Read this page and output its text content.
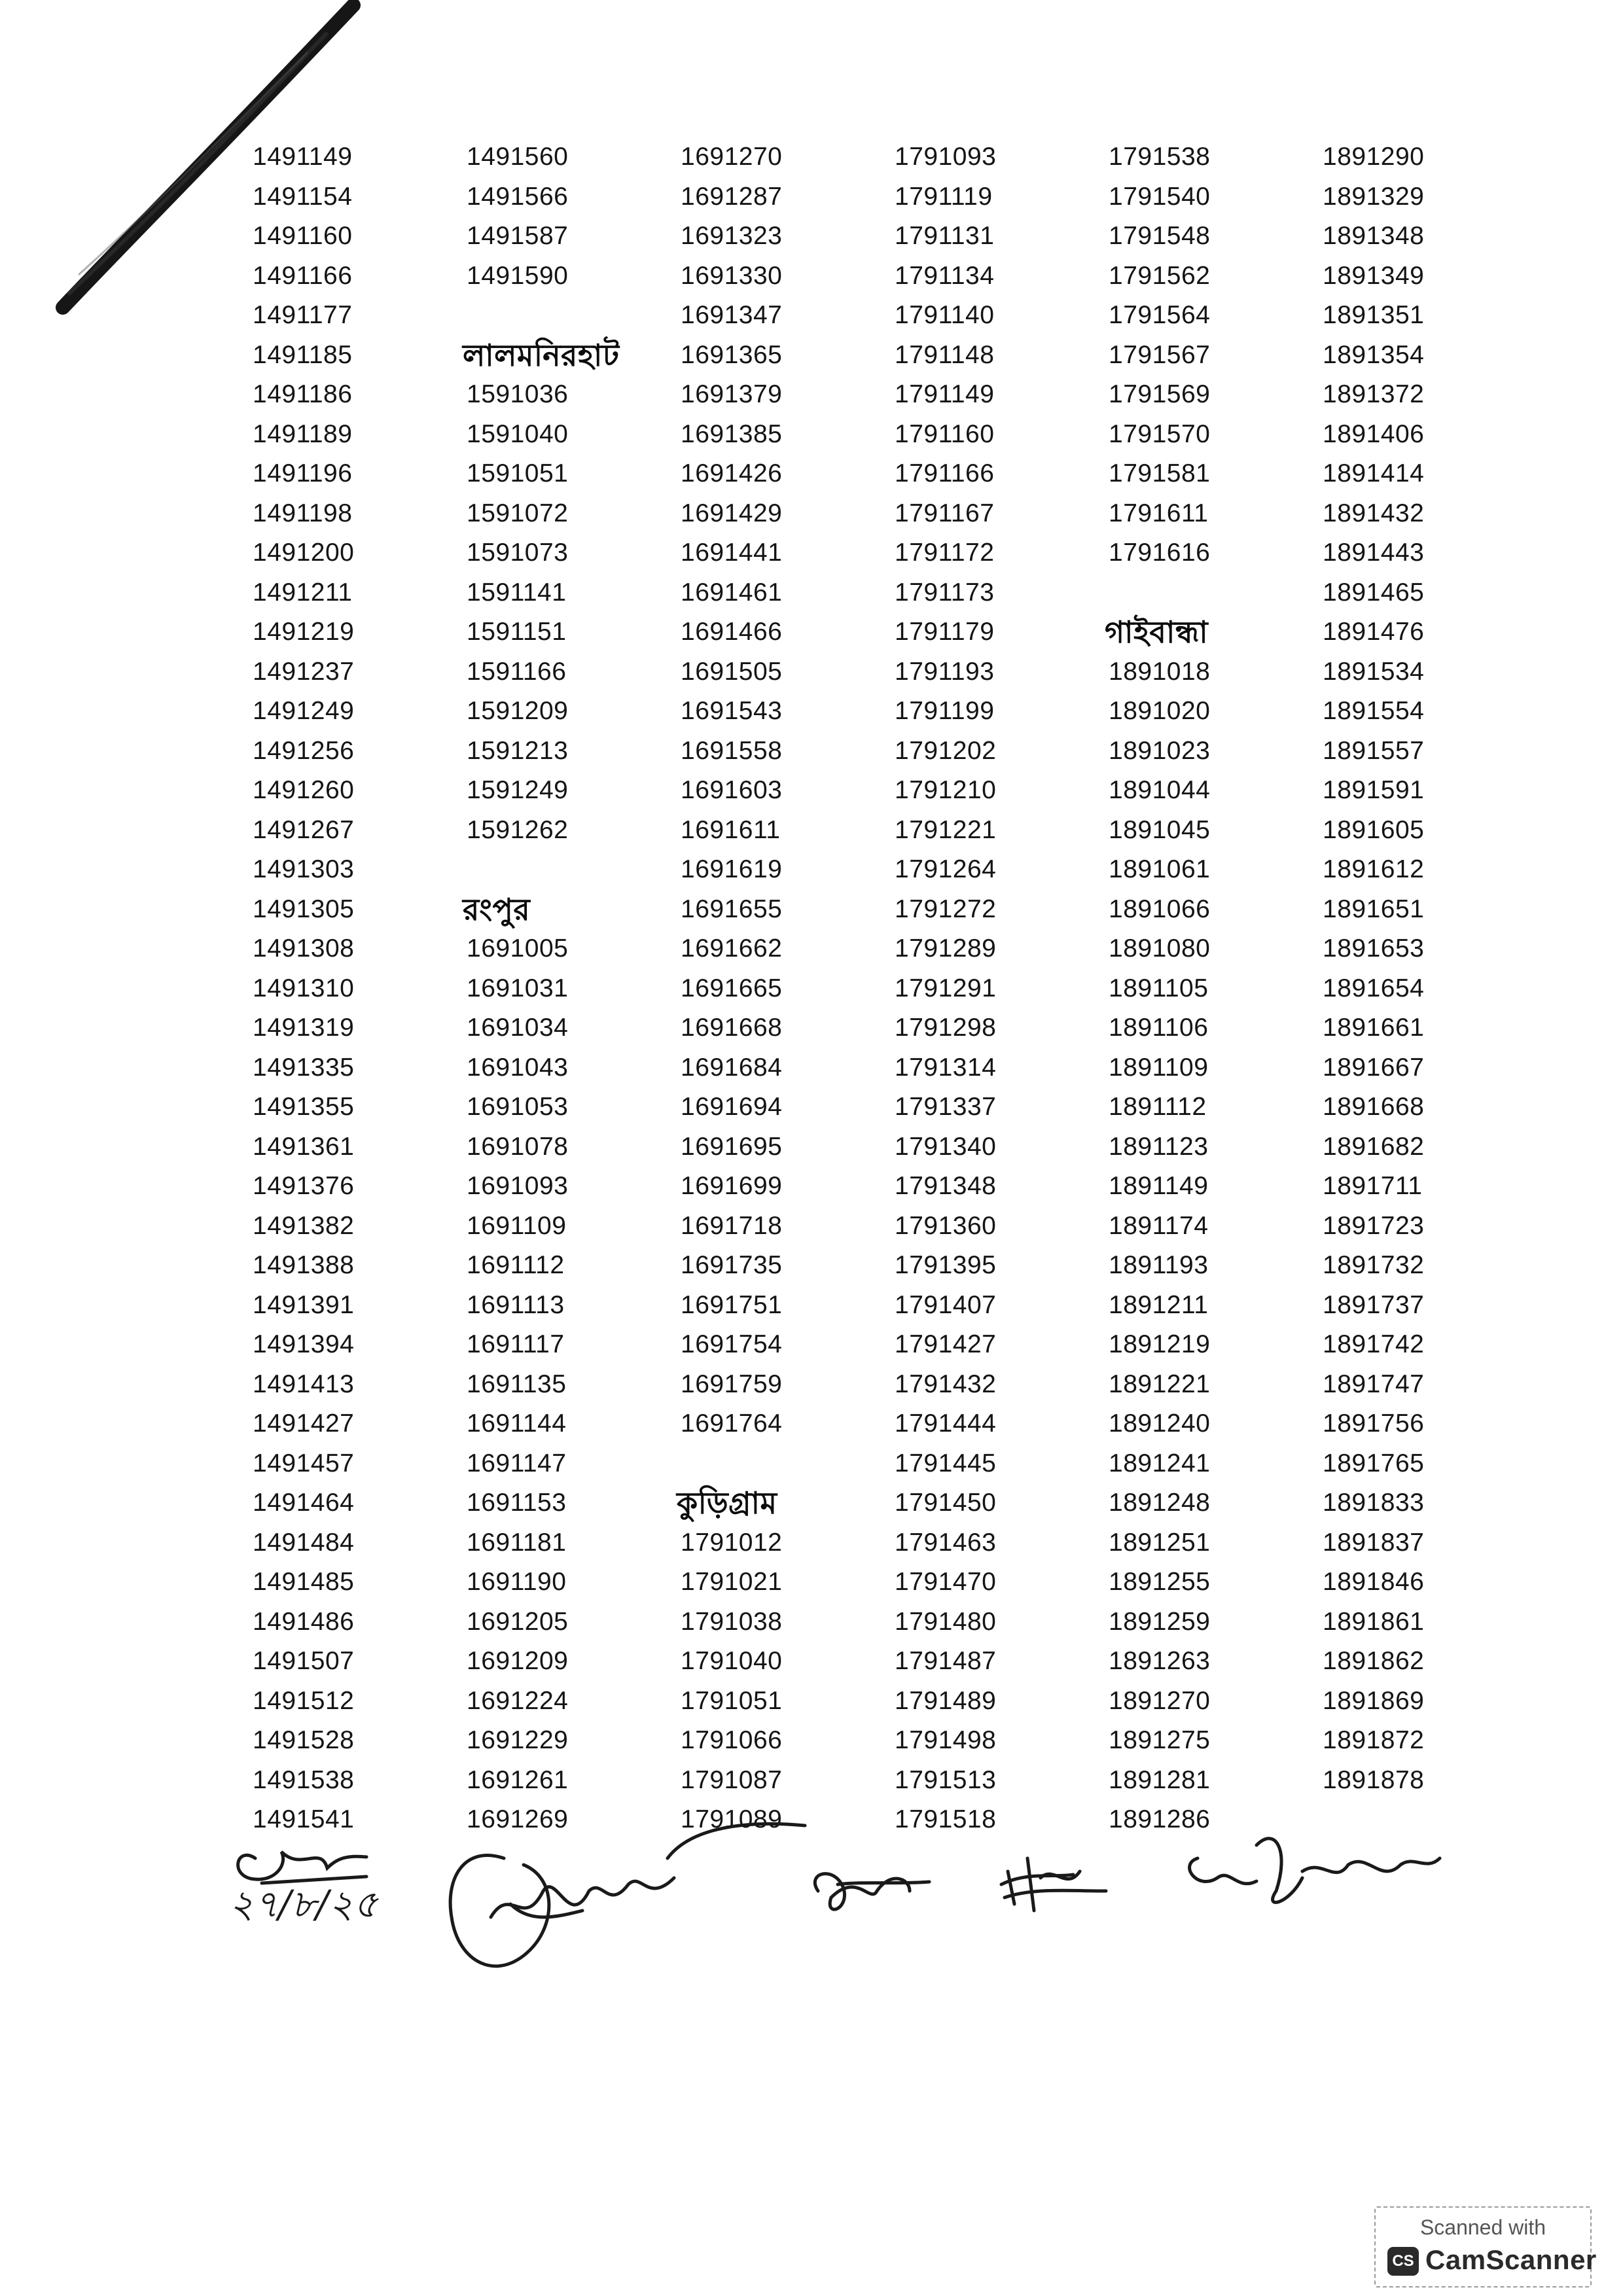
1491149
1491154
1491160
1491166
1491177
1491185
1491186
1491189
1491196
1491198
1491200
1491211
1491219
1491237
1491249
1491256
1491260
1491267
1491303
1491305
1491308
1491310
1491319
1491335
1491355
1491361
1491376
1491382
1491388
1491391
1491394
1491413
1491427
1491457
1491464
1491484
1491485
1491486
1491507
1491512
1491528
1491538
1491541
1491560
1491566
1491587
1491590
লালমনিরহাট
1591036
1591040
1591051
1591072
1591073
1591141
1591151
1591166
1591209
1591213
1591249
1591262
রংপুর
1691005
1691031
1691034
1691043
1691053
1691078
1691093
1691109
1691112
1691113
1691117
1691135
1691144
1691147
1691153
1691181
1691190
1691205
1691209
1691224
1691229
1691261
1691269
1691270
1691287
1691323
1691330
1691347
1691365
1691379
1691385
1691426
1691429
1691441
1691461
1691466
1691505
1691543
1691558
1691603
1691611
1691619
1691655
1691662
1691665
1691668
1691684
1691694
1691695
1691699
1691718
1691735
1691751
1691754
1691759
1691764
কুড়িগ্রাম
1791012
1791021
1791038
1791040
1791051
1791066
1791087
1791089
1791093
1791119
1791131
1791134
1791140
1791148
1791149
1791160
1791166
1791167
1791172
1791173
1791179
1791193
1791199
1791202
1791210
1791221
1791264
1791272
1791289
1791291
1791298
1791314
1791337
1791340
1791348
1791360
1791395
1791407
1791427
1791432
1791444
1791445
1791450
1791463
1791470
1791480
1791487
1791489
1791498
1791513
1791518
1791538
1791540
1791548
1791562
1791564
1791567
1791569
1791570
1791581
1791611
1791616
গাইবান্ধা
1891018
1891020
1891023
1891044
1891045
1891061
1891066
1891080
1891105
1891106
1891109
1891112
1891123
1891149
1891174
1891193
1891211
1891219
1891221
1891240
1891241
1891248
1891251
1891255
1891259
1891263
1891270
1891275
1891281
1891286
1891290
1891329
1891348
1891349
1891351
1891354
1891372
1891406
1891414
1891432
1891443
1891465
1891476
1891534
1891554
1891557
1891591
1891605
1891612
1891651
1891653
1891654
1891661
1891667
1891668
1891682
1891711
1891723
1891732
1891737
1891742
1891747
1891756
1891765
1891833
1891837
1891846
1891861
1891862
1891869
1891872
1891878
২৭/৮/২৫
Scanned with
CS CamScanner
